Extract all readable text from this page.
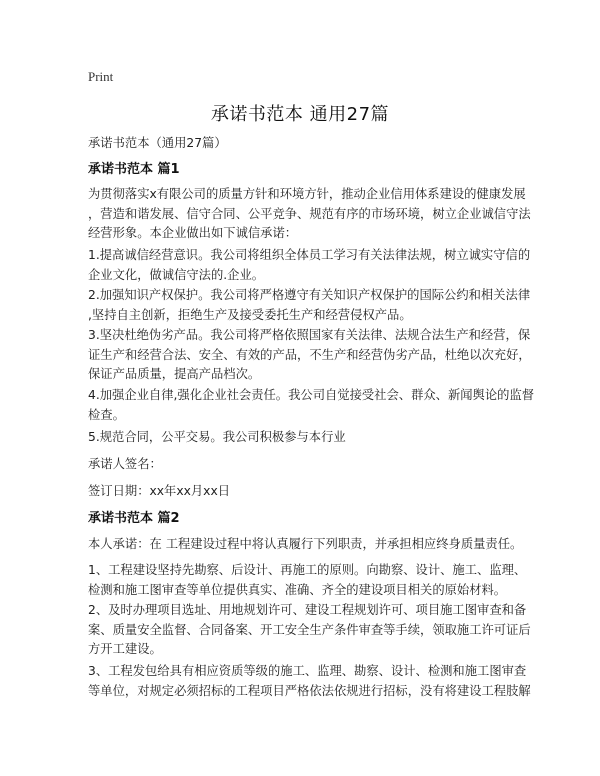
Print
承诺书范本 通用27篇
承诺书范本（通用27篇）
承诺书范本 篇1
为贯彻落实x有限公司的质量方针和环境方针，推动企业信用体系建设的健康发展
，营造和谐发展、信守合同、公平竞争、规范有序的市场环境，树立企业诚信守法
经营形象。本企业做出如下诚信承诺：
1.提高诚信经营意识。我公司将组织全体员工学习有关法律法规，树立诚实守信的
企业文化，做诚信守法的.企业。
2.加强知识产权保护。我公司将严格遵守有关知识产权保护的国际公约和相关法律
,坚持自主创新，拒绝生产及接受委托生产和经营侵权产品。
3.坚决杜绝伪劣产品。我公司将严格依照国家有关法律、法规合法生产和经营，保
证生产和经营合法、安全、有效的产品，不生产和经营伪劣产品，杜绝以次充好，
保证产品质量，提高产品档次。
4.加强企业自律,强化企业社会责任。我公司自觉接受社会、群众、新闻舆论的监督
检查。
5.规范合同，公平交易。我公司积极参与本行业
承诺人签名：
签订日期：xx年xx月xx日
承诺书范本 篇2
本人承诺：在 工程建设过程中将认真履行下列职责，并承担相应终身质量责任。
1、工程建设坚持先勘察、后设计、再施工的原则。向勘察、设计、施工、监理、
检测和施工图审查等单位提供真实、准确、齐全的建设项目相关的原始材料。
2、及时办理项目选址、用地规划许可、建设工程规划许可、项目施工图审查和备
案、质量安全监督、合同备案、开工安全生产条件审查等手续，领取施工许可证后
方开工建设。
3、工程发包给具有相应资质等级的施工、监理、勘察、设计、检测和施工图审查
等单位，对规定必须招标的工程项目严格依法依规进行招标，没有将建设工程肢解
